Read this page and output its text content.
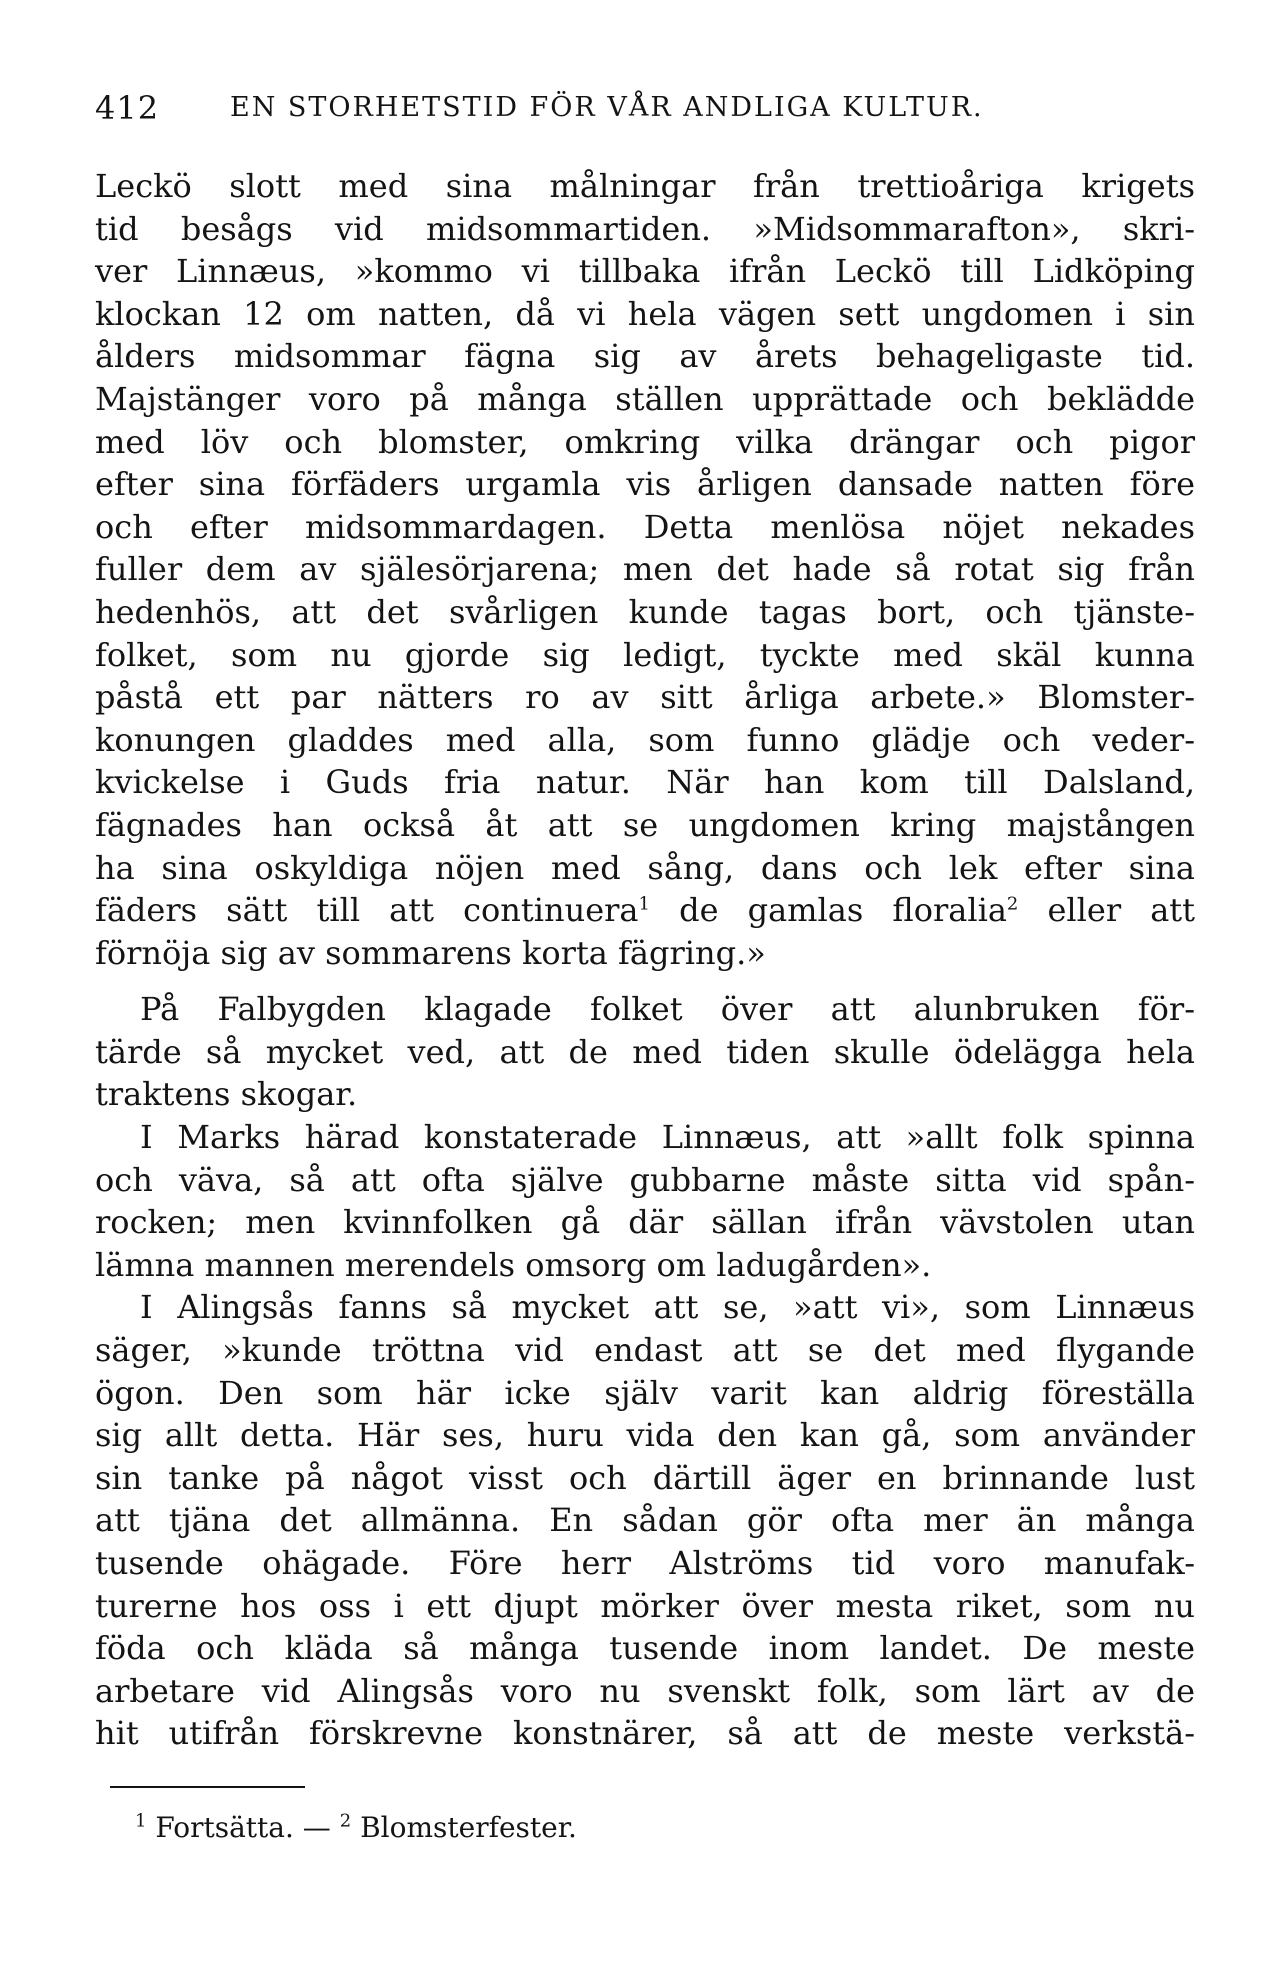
412	EN STORHETSTID FÖR VÅR ANDLIGA KULTUR.
Leckö slott med sina målningar från trettioåriga krigets
tid besågs vid midsommartiden. »Midsommarafton», skri-
ver Linnæus, »kommo vi tillbaka ifrån Leckö till Lidköping
klockan 12 om natten, då vi hela vägen sett ungdomen i sin
ålders midsommar fägna sig av årets behageligaste tid.
Majstänger voro på många ställen upprättade och beklädde
med löv och blomster, omkring vilka drängar och pigor
efter sina förfäders urgamla vis årligen dansade natten före
och efter midsommardagen. Detta menlösa nöjet nekades
fuller dem av själesörjarena; men det hade så rotat sig från
hedenhös, att det svårligen kunde tagas bort, och tjänste-
folket, som nu gjorde sig ledigt, tyckte med skäl kunna
påstå ett par nätters ro av sitt årliga arbete.» Blomster-
konungen gladdes med alla, som funno glädje och veder-
kvickelse i Guds fria natur. När han kom till Dalsland,
fägnades han också åt att se ungdomen kring majstången
ha sina oskyldiga nöjen med sång, dans och lek efter sina
fäders sätt till att continuera$^1$ de gamlas floralia$^2$ eller att
förnöja sig av sommarens korta fägring.»
På Falbygden klagade folket över att alunbruken för-
tärde så mycket ved, att de med tiden skulle ödelägga hela
traktens skogar.
I Marks härad konstaterade Linnæus, att »allt folk spinna
och väva, så att ofta själve gubbarne måste sitta vid spån-
rocken; men kvinnfolken gå där sällan ifrån vävstolen utan
lämna mannen merendels omsorg om ladugården».
I Alingsås fanns så mycket att se, »att vi», som Linnæus
säger, »kunde tröttna vid endast att se det med flygande
ögon. Den som här icke själv varit kan aldrig föreställa
sig allt detta. Här ses, huru vida den kan gå, som använder
sin tanke på något visst och därtill äger en brinnande lust
att tjäna det allmänna. En sådan gör ofta mer än många
tusende ohägade. Före herr Alströms tid voro manufak-
turerne hos oss i ett djupt mörker över mesta riket, som nu
föda och kläda så många tusende inom landet. De meste
arbetare vid Alingsås voro nu svenskt folk, som lärt av de
hit utifrån förskrevne konstnärer, så att de meste verkstä-
$^1$ Fortsätta. — $^2$ Blomsterfester.
